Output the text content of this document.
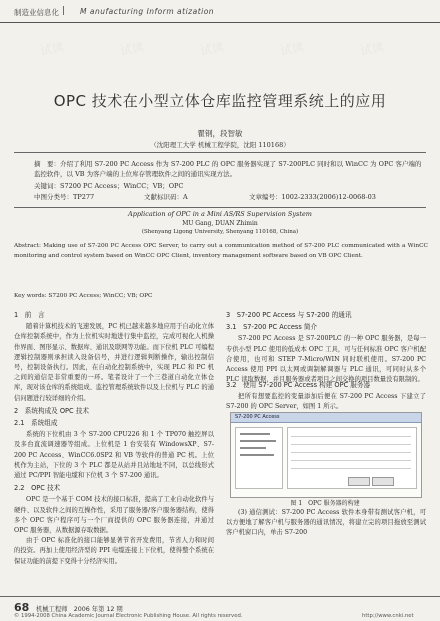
试读	试读	试读	试读	试读
制造业信息化 | M anufacturing Inform atization
OPC 技术在小型立体仓库监控管理系统上的应用
瞿钢，段智敏
（沈阳理工大学 机械工程学院，沈阳 110168）
摘　要：介绍了利用 S7-200 PC Access 作为 S7-200 PLC 的 OPC 服务器实现了 S7-200PLC 同时和以 WinCC 为 OPC 客户端的监控软件，以 VB 为客户端的上位库存管理软件之间的通讯实现方法。
关键词：S7200 PC Access；WinCC；VB；OPC
中图分类号：TP277	文献标识码：A	文章编号：1002-2333(2006)12-0068-03
Application of OPC in a Mini AS/RS Supervision System
MU Gang, DUAN Zhimin
(Shenyang Ligong University, Shenyang 110168, China)
Abstract: Making use of S7-200 PC Access OPC Server, to carry out a communication method of S7-200 PLC communicated with a WinCC monitoring and control system based on WinCC OPC Client, inventory management software based on VB OPC Client.
Key words: S7200 PC Access; WinCC; VB; OPC
1　前　言

随着计算机技术的飞速发展，PC 机已越来越多地应用于自动化立体仓库控制系统中，作为上位机实时地进行集中监控，完成可视化人机操作界面、图形显示、数据库、通讯及联网等功能。而下位机 PLC 可编程逻辑控制器则承担读入设备信号，并进行逻辑判断操作，输出控制信号，控制设备执行。因此，在自动化控制系统中，实现 PLC 和 PC 机之间的通信是非常重要的一环。笔者设计了一个三巷道自动化立体仓库，现对该仓库的系统组成、监控管理系统软件以及上位机与 PLC 的通信问题进行较详细的介绍。

2　系统构成及 OPC 技术
2.1　系统组成

系统的下位机由 3 个 S7-200 CPU226 和 1 个 TP070 触控屏以及多台直流调速器等组成。上位机是 1 台安装有 WindowsXP、S7-200 PC Access、WinCC6.0SP2 和 VB 等软件的普通 PC 机。上位机作为主站，下位的 3 个 PLC 都是从站并且站地址不同，以总线形式通过 PC/PPI 智能电缆和下位机 3 个 S7-200 通讯。

2.2　OPC 技术

OPC 是一个基于 COM 技术的接口标准，提高了工业自动化软件与硬件、以及软件之间的互操作性，采用了服务器/客户服务器结构，使得多个 OPC 客户程序可与一个厂商提供的 OPC 服务器连接，并通过 OPC 服务器，从数据源存取数据。

由于 OPC 标准化的接口能够显著节省开发费用，节省人力和时间的投资。再加上使用经济型的 PPI 电缆连接上下位机，使得整个系统在保证功能的前提下变得十分经济实用。

3　S7-200 PC Access 与 S7-200 的通讯
3.1　S7-200 PC Access 简介

S7-200 PC Access 是 S7-200PLC 的一种 OPC 服务器，是每一专供小型 PLC 使用的低成本 OPC 工具，可与任何标准 OPC 客户机配合使用，也可和 STEP 7-Micro/WIN 同时联机使用。S7-200 PC Access 使用 PPI 以太网或调制解调器与 PLC 通讯，可同时从多个 PLC 读取数据，并且服务器或者项目之间交换的项目数量没有限制的。

3.2　使用 S7-200 PC Access 构建 OPC 服务器

把所有想要监控的变量添加后便在 S7-200 PC Access 下建立了 S7-200 的 OPC Server，如图 1 所示。

S7-200 PC Access
图 1　OPC 服务器的构建

(3) 通信测试：S7-200 PC Access 软件本身带有测试客户机，可以方便地了解客户机与服务器的通讯情况，将建立完的项目拖放至测试客户机窗口内，单击 S7-200

68 机械工程师　2006 年第 12 期
© 1994-2008 China Academic Journal Electronic Publishing House. All rights reserved.	http://www.cnki.net
